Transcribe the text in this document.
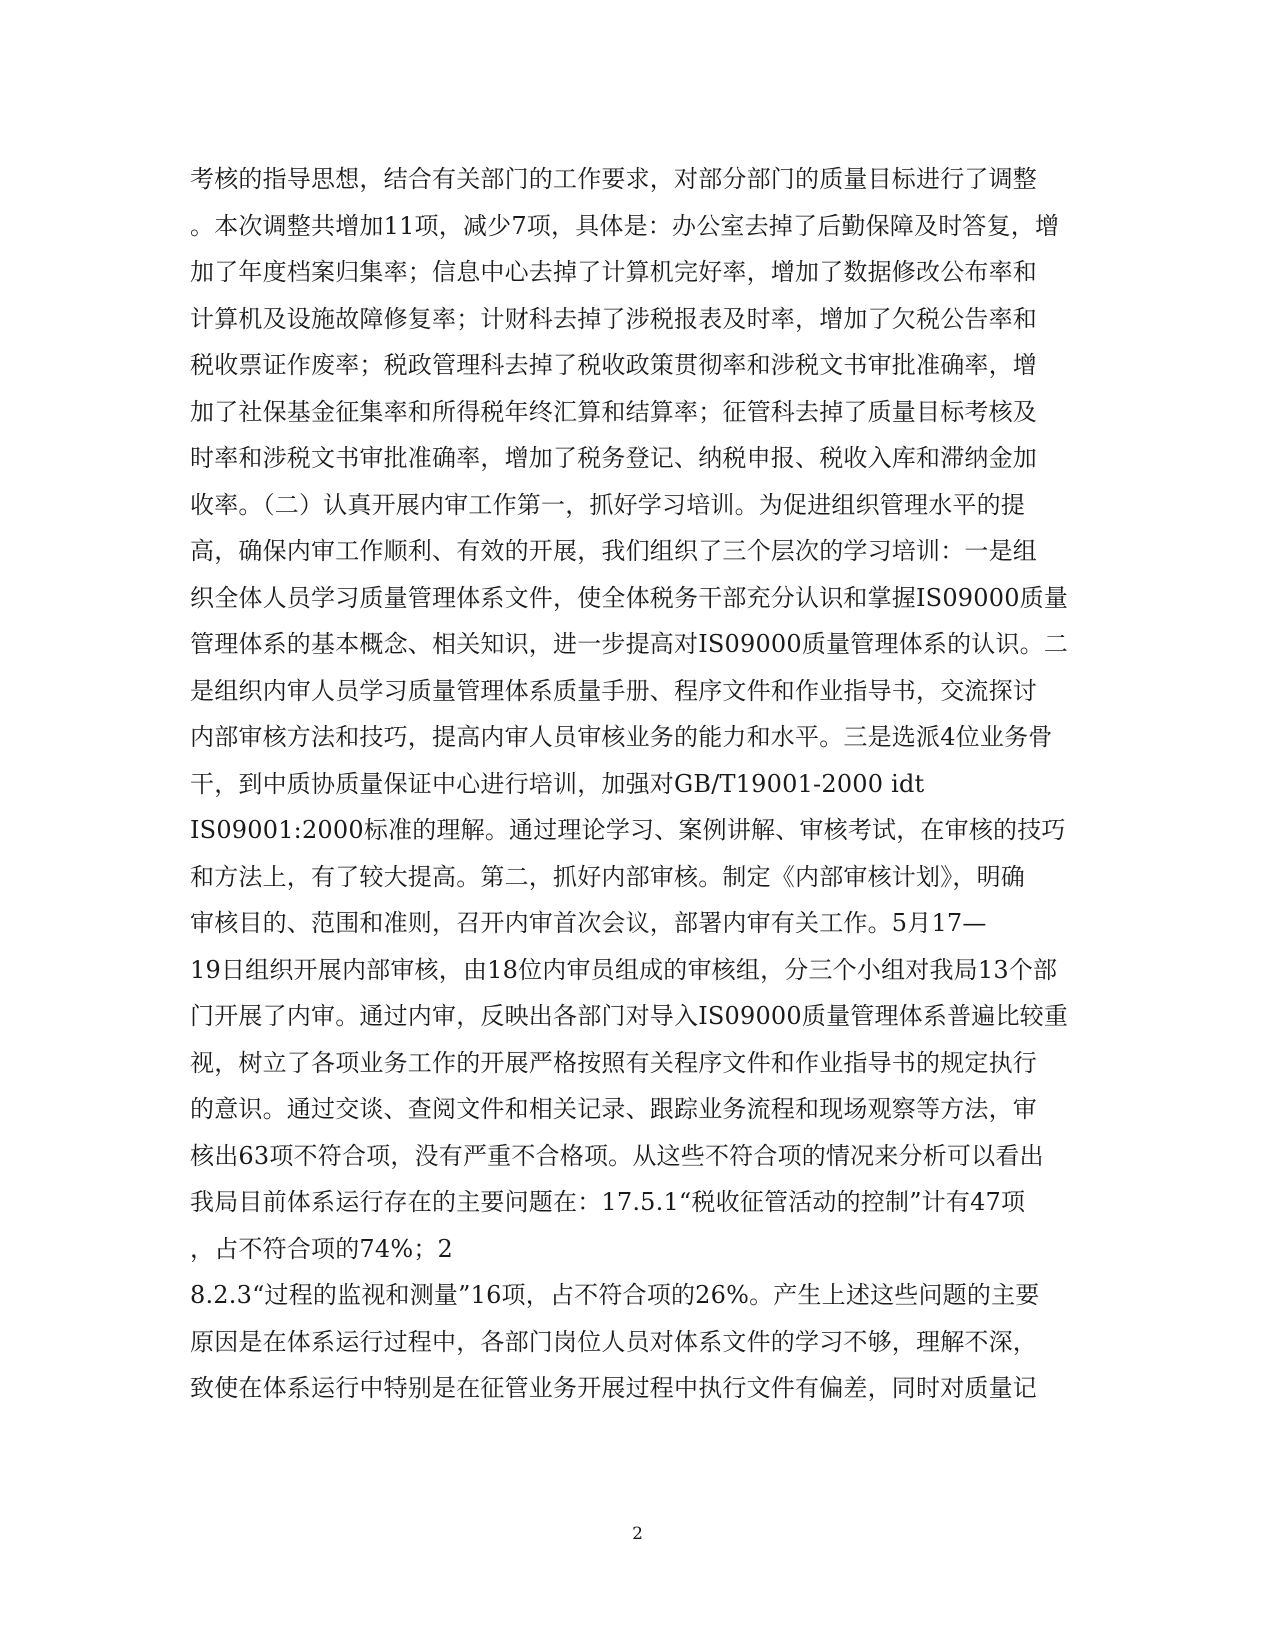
考核的指导思想，结合有关部门的工作要求，对部分部门的质量目标进行了调整
。本次调整共增加11项，减少7项，具体是：办公室去掉了后勤保障及时答复，增
加了年度档案归集率；信息中心去掉了计算机完好率，增加了数据修改公布率和
计算机及设施故障修复率；计财科去掉了涉税报表及时率，增加了欠税公告率和
税收票证作废率；税政管理科去掉了税收政策贯彻率和涉税文书审批准确率，增
加了社保基金征集率和所得税年终汇算和结算率；征管科去掉了质量目标考核及
时率和涉税文书审批准确率，增加了税务登记、纳税申报、税收入库和滞纳金加
收率。（二）认真开展内审工作第一，抓好学习培训。为促进组织管理水平的提
高，确保内审工作顺利、有效的开展，我们组织了三个层次的学习培训：一是组
织全体人员学习质量管理体系文件，使全体税务干部充分认识和掌握IS09000质量
管理体系的基本概念、相关知识，进一步提高对IS09000质量管理体系的认识。二
是组织内审人员学习质量管理体系质量手册、程序文件和作业指导书，交流探讨
内部审核方法和技巧，提高内审人员审核业务的能力和水平。三是选派4位业务骨
干，到中质协质量保证中心进行培训，加强对GB/T19001-2000 idt
IS09001:2000标准的理解。通过理论学习、案例讲解、审核考试，在审核的技巧
和方法上，有了较大提高。第二，抓好内部审核。制定《内部审核计划》，明确
审核目的、范围和准则，召开内审首次会议，部署内审有关工作。5月17—
19日组织开展内部审核，由18位内审员组成的审核组，分三个小组对我局13个部
门开展了内审。通过内审，反映出各部门对导入IS09000质量管理体系普遍比较重
视，树立了各项业务工作的开展严格按照有关程序文件和作业指导书的规定执行
的意识。通过交谈、查阅文件和相关记录、跟踪业务流程和现场观察等方法，审
核出63项不符合项，没有严重不合格项。从这些不符合项的情况来分析可以看出
我局目前体系运行存在的主要问题在：17.5.1“税收征管活动的控制”计有47项
，占不符合项的74%；2
8.2.3“过程的监视和测量”16项，占不符合项的26%。产生上述这些问题的主要
原因是在体系运行过程中，各部门岗位人员对体系文件的学习不够，理解不深，
致使在体系运行中特别是在征管业务开展过程中执行文件有偏差，同时对质量记
2
